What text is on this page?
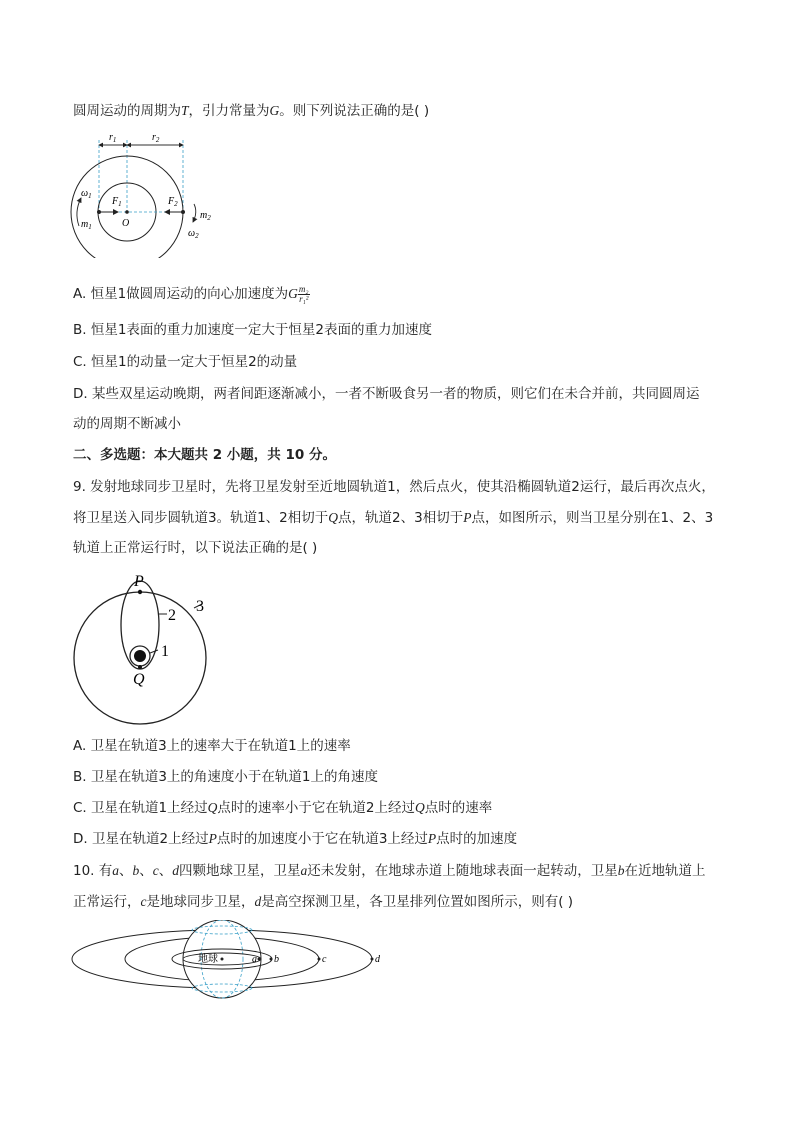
圆周运动的周期为T，引力常量为G。则下列说法正确的是( )
$r_1$	$r_2$
$\omega_1$
$m_1$
$F_1$
O
$F_2$
$m_2$
$\omega_2$
A. 恒星1做圆周运动的向心加速度为G $\frac{\text{m₂}}{\text{r₁²}}$
B. 恒星1表面的重力加速度一定大于恒星2表面的重力加速度
C. 恒星1的动量一定大于恒星2的动量
D. 某些双星运动晚期，两者间距逐渐减小，一者不断吸食另一者的物质，则它们在未合并前，共同圆周运
动的周期不断减小
二、多选题：本大题共 2 小题，共 10 分。
9. 发射地球同步卫星时，先将卫星发射至近地圆轨道1，然后点火，使其沿椭圆轨道2运行，最后再次点火，
将卫星送入同步圆轨道3。轨道1、2相切于Q点，轨道2、3相切于P点，如图所示，则当卫星分别在1、2、3
轨道上正常运行时，以下说法正确的是( )
P
Q
2
3
1
A. 卫星在轨道3上的速率大于在轨道1上的速率
B. 卫星在轨道3上的角速度小于在轨道1上的角速度
C. 卫星在轨道1上经过Q点时的速率小于它在轨道2上经过Q点时的速率
D. 卫星在轨道2上经过P点时的加速度小于它在轨道3上经过P点时的加速度
10. 有a、b、c、d四颗地球卫星，卫星a还未发射，在地球赤道上随地球表面一起转动，卫星b在近地轨道上
正常运行，c是地球同步卫星，d是高空探测卫星，各卫星排列位置如图所示，则有( )
地球	a b	c	d
